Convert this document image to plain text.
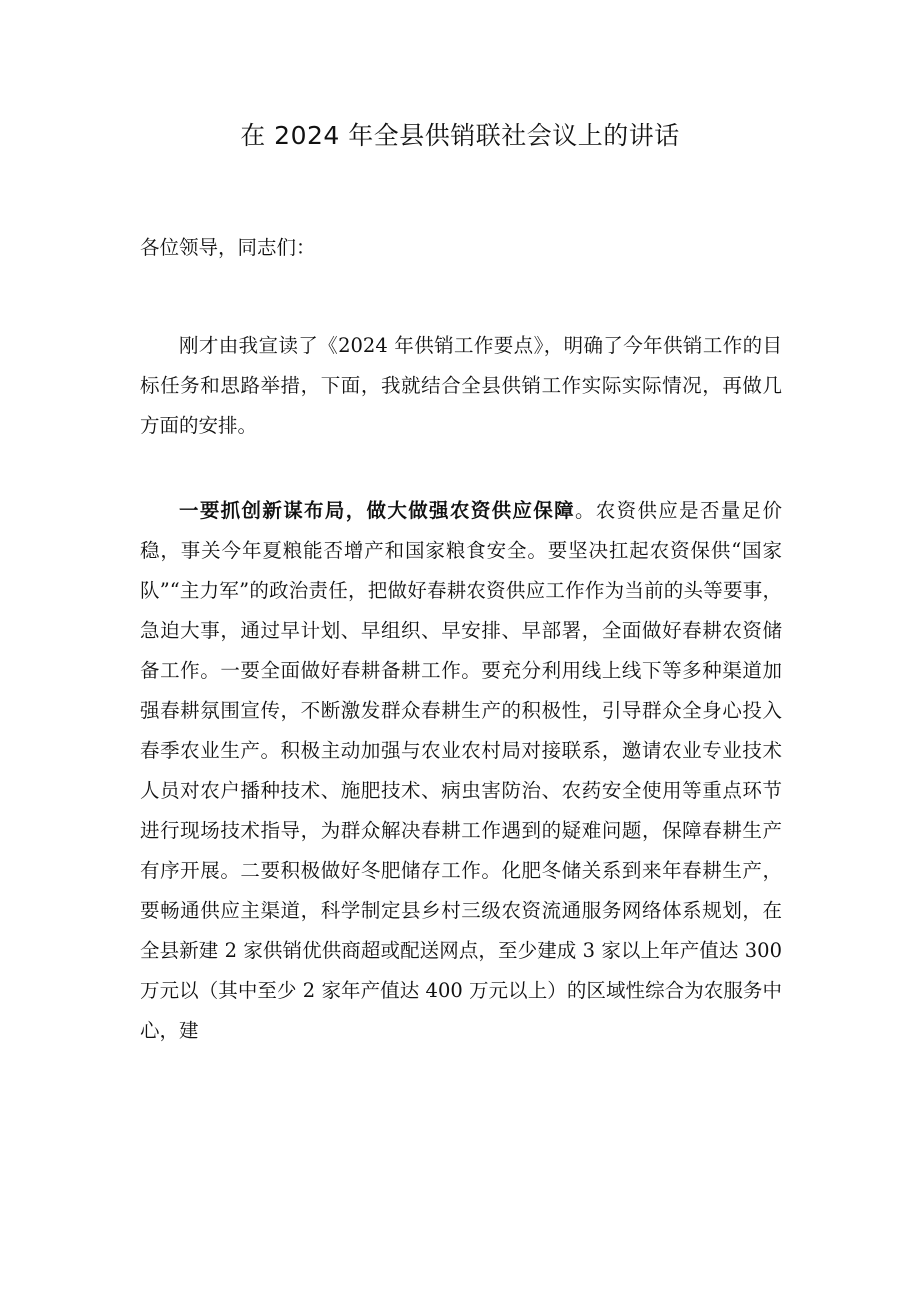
在 2024 年全县供销联社会议上的讲话

各位领导，同志们：

刚才由我宣读了《2024 年供销工作要点》，明确了今年供销工作的目标任务和思路举措，下面，我就结合全县供销工作实际实际情况，再做几方面的安排。

一要抓创新谋布局，做大做强农资供应保障。农资供应是否量足价稳，事关今年夏粮能否增产和国家粮食安全。要坚决扛起农资保供“国家队”“主力军”的政治责任，把做好春耕农资供应工作作为当前的头等要事，急迫大事，通过早计划、早组织、早安排、早部署，全面做好春耕农资储备工作。一要全面做好春耕备耕工作。要充分利用线上线下等多种渠道加强春耕氛围宣传，不断激发群众春耕生产的积极性，引导群众全身心投入春季农业生产。积极主动加强与农业农村局对接联系，邀请农业专业技术人员对农户播种技术、施肥技术、病虫害防治、农药安全使用等重点环节进行现场技术指导，为群众解决春耕工作遇到的疑难问题，保障春耕生产有序开展。二要积极做好冬肥储存工作。化肥冬储关系到来年春耕生产，要畅通供应主渠道，科学制定县乡村三级农资流通服务网络体系规划，在全县新建 2 家供销优供商超或配送网点，至少建成 3 家以上年产值达 300 万元以（其中至少 2 家年产值达 400 万元以上）的区域性综合为农服务中心，建
